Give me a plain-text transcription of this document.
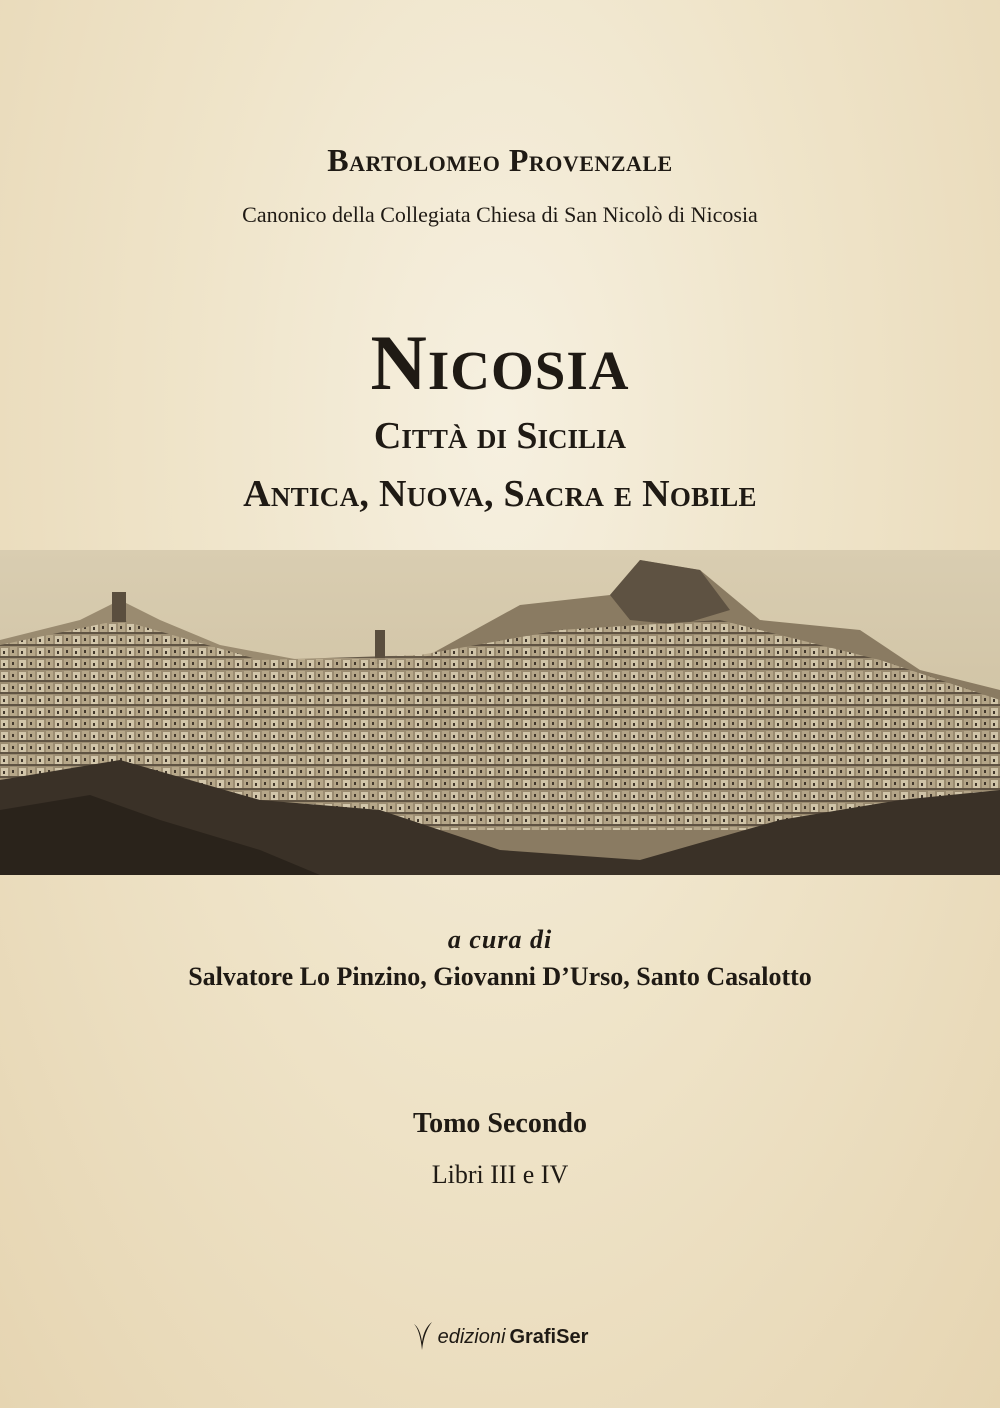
Bartolomeo Provenzale
Canonico della Collegiata Chiesa di San Nicolò di Nicosia
Nicosia
Città di Sicilia
Antica, Nuova, Sacra e Nobile
a cura di
Salvatore Lo Pinzino, Giovanni D’Urso, Santo Casalotto
Tomo Secondo
Libri III e IV
edizioni GrafiSer
